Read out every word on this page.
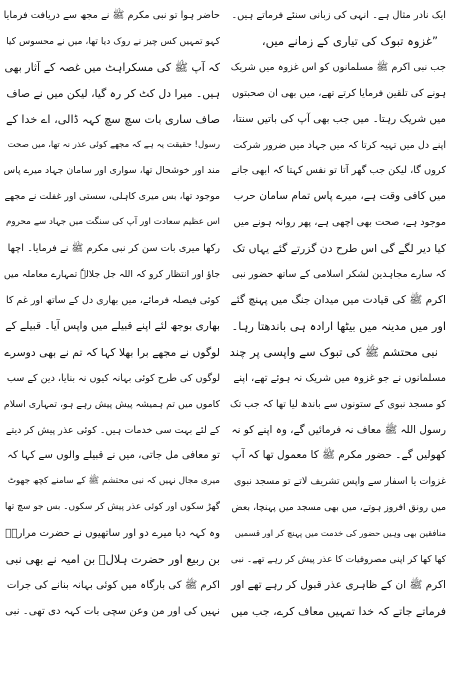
ایک نادر مثال ہے۔ انہی کی زبانی سنئے فرماتے ہیں۔
”غزوہ تبوک کی تیاری کے زمانے میں،
جب نبی اکرم ﷺ مسلمانوں کو اس غزوہ میں شریک
ہونے کی تلقین فرمایا کرتے تھے، میں بھی ان صحبتوں
میں شریک رہتا۔ میں جب بھی آپ کی باتیں سنتا،
اپنے دل میں تہیہ کرتا کہ میں جہاد میں ضرور شرکت
کروں گا، لیکن جب گھر آتا تو نفس کہتا کہ ابھی جانے
میں کافی وقت ہے، میرے پاس تمام سامان حرب
موجود ہے، صحت بھی اچھی ہے، پھر روانہ ہونے میں
کیا دیر لگے گی اس طرح دن گزرتے گئے یہاں تک
کہ سارے مجاہدین لشکر اسلامی کے ساتھ حضور نبی
اکرم ﷺ کی قیادت میں میدان جنگ میں پہنچ گئے
اور میں مدینہ میں بیٹھا ارادہ ہی باندھتا رہا۔
نبی محتشم ﷺ کی تبوک سے واپسی پر چند
مسلمانوں نے جو غزوہ میں شریک نہ ہوئے تھے، اپنے
کو مسجد نبوی کے ستونوں سے باندھ لیا تھا کہ جب تک
رسول اللہ ﷺ معاف نہ فرمائیں گے، وہ اپنے کو نہ
کھولیں گے۔ حضور مکرم ﷺ کا معمول تھا کہ آپ
غزوات یا اسفار سے واپس تشریف لاتے تو مسجد نبوی
میں رونق افروز ہوتے، میں بھی مسجد میں پہنچا، بعض
منافقین بھی وہیں حضور کی خدمت میں پہنچ کر اور قسمیں
کھا کھا کر اپنی مصروفیات کا عذر پیش کر رہے تھے۔ نبی
اکرم ﷺ ان کے ظاہری عذر قبول کر رہے تھے اور
فرماتے جاتے کہ خدا تمہیں معاف کرے، جب میں
حاضر ہوا تو نبی مکرم ﷺ نے مجھ سے دریافت فرمایا
کہو تمہیں کس چیز نے روک دیا تھا، میں نے محسوس کیا
کہ آپ ﷺ کی مسکراہٹ میں غصہ کے آثار بھی
ہیں۔ میرا دل کٹ کر رہ گیا، لیکن میں نے صاف
صاف ساری بات سچ سچ کہہ ڈالی، اے خدا کے
رسول! حقیقت یہ ہے کہ مجھے کوئی عذر نہ تھا، میں صحت
مند اور خوشحال تھا، سواری اور سامان جہاد میرے پاس
موجود تھا، بس میری کاہلی، سستی اور غفلت نے مجھے
اس عظیم سعادت اور آپ کی سنگت میں جہاد سے محروم
رکھا میری بات سن کر نبی مکرم ﷺ نے فرمایا۔ اچھا
جاؤ اور انتظار کرو کہ اللہ جل جلالہٗ تمہارے معاملہ میں
کوئی فیصلہ فرمائے، میں بھاری دل کے ساتھ اور غم کا
بھاری بوجھ لئے اپنے قبیلے میں واپس آیا۔ قبیلے کے
لوگوں نے مجھے برا بھلا کہا کہ تم نے بھی دوسرے
لوگوں کی طرح کوئی بہانہ کیوں نہ بنایا، دین کے سب
کاموں میں تم ہمیشہ پیش پیش رہے ہو، تمہاری اسلام
کے لئے بہت سی خدمات ہیں۔ کوئی عذر پیش کر دیتے
تو معافی مل جاتی، میں نے قبیلے والوں سے کہا کہ
میری مجال نہیں کہ نبی محتشم ﷺ کے سامنے کچھ جھوٹ
گھڑ سکوں اور کوئی عذر پیش کر سکوں۔ بس جو سچ تھا
وہ کہہ دیا میرے دو اور ساتھیوں نے حضرت مرارہؓ
بن ربیع اور حضرت ہلالؓ بن امیہ نے بھی نبی
اکرم ﷺ کی بارگاہ میں کوئی بہانہ بنانے کی جرات
نہیں کی اور من وعن سچی بات کہہ دی تھی۔ نبی
